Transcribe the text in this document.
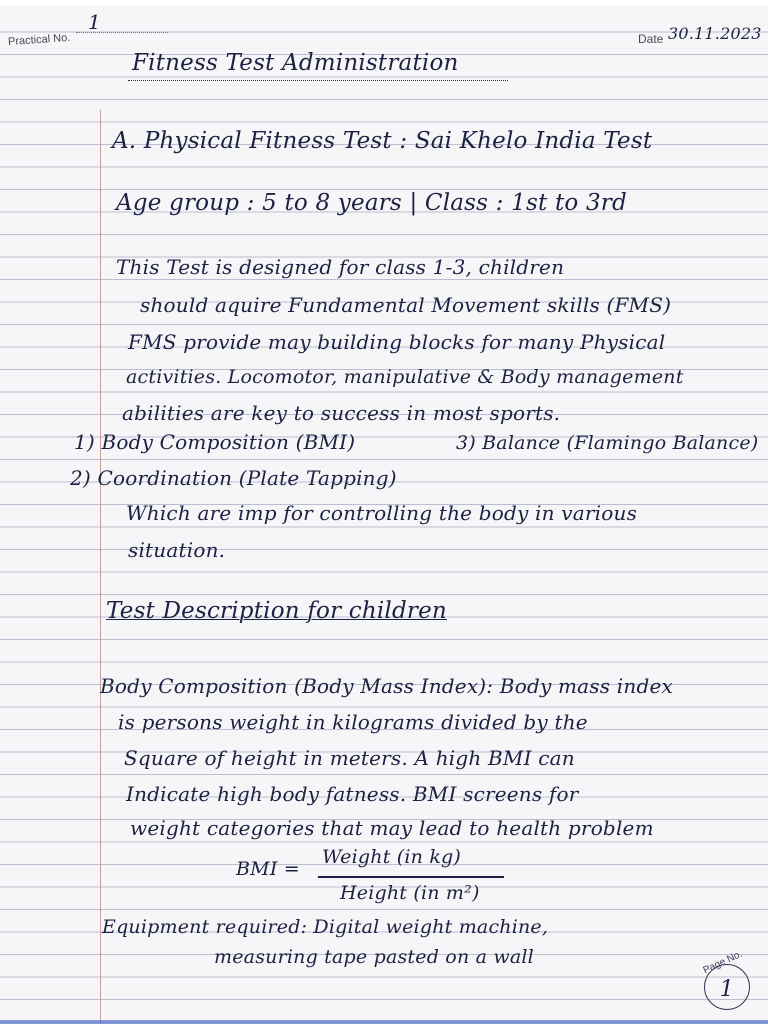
Practical No.
1
Date 30.11.2023
Fitness Test Administration
A. Physical Fitness Test : Sai Khelo India Test
Age group : 5 to 8 years | Class : 1st to 3rd
This Test is designed for class 1-3, children
should aquire Fundamental Movement skills (FMS)
FMS provide may building blocks for many Physical
activities. Locomotor, manipulative & Body management
abilities are key to success in most sports.
1) Body Composition (BMI)	3) Balance (Flamingo Balance)
2) Coordination (Plate Tapping)
Which are imp for controlling the body in various
situation.
Test Description for children
Body Composition (Body Mass Index): Body mass index
is persons weight in kilograms divided by the
Square of height in meters. A high BMI can
Indicate high body fatness. BMI screens for
weight categories that may lead to health problem
BMI =
Weight (in kg)
Height (in m²)
Equipment required: Digital weight machine,
measuring tape pasted on a wall	Page No.
1
